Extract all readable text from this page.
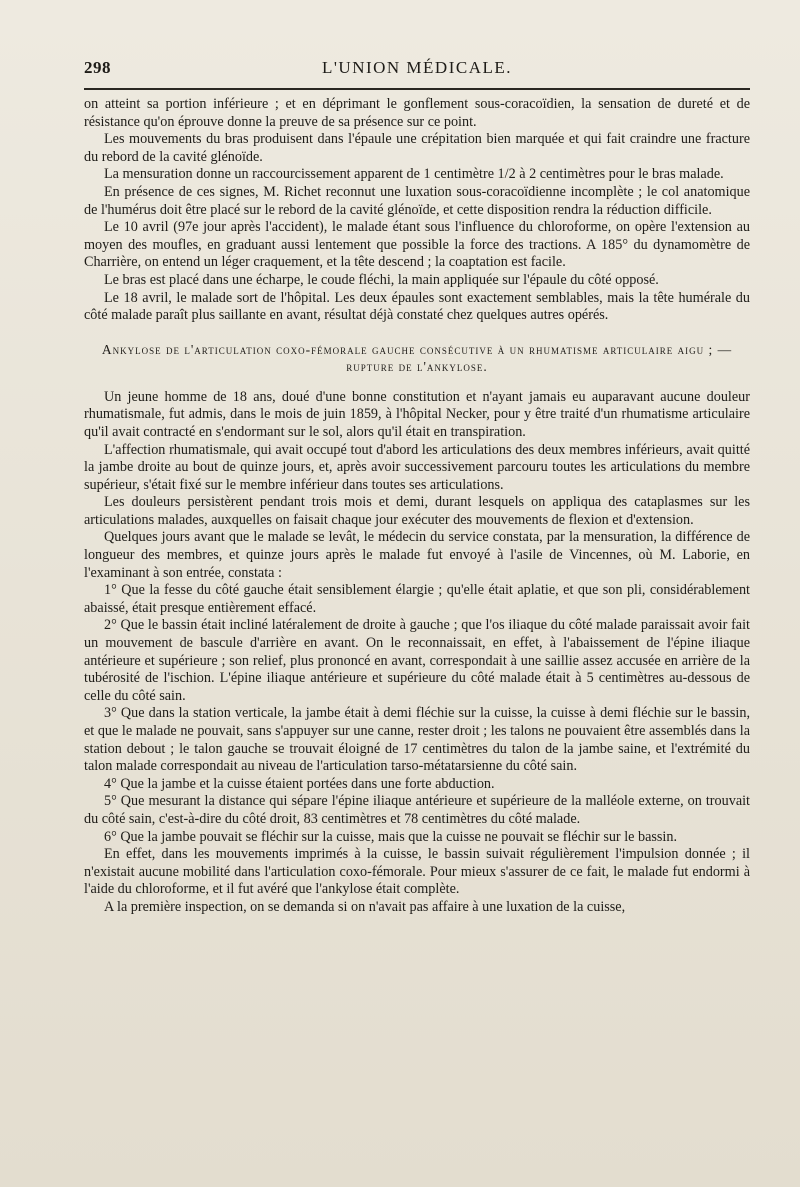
298	L'UNION MÉDICALE.

on atteint sa portion inférieure ; et en déprimant le gonflement sous-coracoïdien, la sensation de dureté et de résistance qu'on éprouve donne la preuve de sa présence sur ce point.

Les mouvements du bras produisent dans l'épaule une crépitation bien marquée et qui fait craindre une fracture du rebord de la cavité glénoïde.

La mensuration donne un raccourcissement apparent de 1 centimètre 1/2 à 2 centimètres pour le bras malade.

En présence de ces signes, M. Richet reconnut une luxation sous-coracoïdienne incomplète ; le col anatomique de l'humérus doit être placé sur le rebord de la cavité glénoïde, et cette disposition rendra la réduction difficile.

Le 10 avril (97e jour après l'accident), le malade étant sous l'influence du chloroforme, on opère l'extension au moyen des moufles, en graduant aussi lentement que possible la force des tractions. A 185° du dynamomètre de Charrière, on entend un léger craquement, et la tête descend ; la coaptation est facile.

Le bras est placé dans une écharpe, le coude fléchi, la main appliquée sur l'épaule du côté opposé.

Le 18 avril, le malade sort de l'hôpital. Les deux épaules sont exactement semblables, mais la tête humérale du côté malade paraît plus saillante en avant, résultat déjà constaté chez quelques autres opérés.

Ankylose de l'articulation coxo-fémorale gauche consécutive à un rhumatisme articulaire aigu ; — rupture de l'ankylose.

Un jeune homme de 18 ans, doué d'une bonne constitution et n'ayant jamais eu auparavant aucune douleur rhumatismale, fut admis, dans le mois de juin 1859, à l'hôpital Necker, pour y être traité d'un rhumatisme articulaire qu'il avait contracté en s'endormant sur le sol, alors qu'il était en transpiration.

L'affection rhumatismale, qui avait occupé tout d'abord les articulations des deux membres inférieurs, avait quitté la jambe droite au bout de quinze jours, et, après avoir successivement parcouru toutes les articulations du membre supérieur, s'était fixé sur le membre inférieur dans toutes ses articulations.

Les douleurs persistèrent pendant trois mois et demi, durant lesquels on appliqua des cataplasmes sur les articulations malades, auxquelles on faisait chaque jour exécuter des mouvements de flexion et d'extension.

Quelques jours avant que le malade se levât, le médecin du service constata, par la mensuration, la différence de longueur des membres, et quinze jours après le malade fut envoyé à l'asile de Vincennes, où M. Laborie, en l'examinant à son entrée, constata :

1° Que la fesse du côté gauche était sensiblement élargie ; qu'elle était aplatie, et que son pli, considérablement abaissé, était presque entièrement effacé.

2° Que le bassin était incliné latéralement de droite à gauche ; que l'os iliaque du côté malade paraissait avoir fait un mouvement de bascule d'arrière en avant. On le reconnaissait, en effet, à l'abaissement de l'épine iliaque antérieure et supérieure ; son relief, plus prononcé en avant, correspondait à une saillie assez accusée en arrière de la tubérosité de l'ischion. L'épine iliaque antérieure et supérieure du côté malade était à 5 centimètres au-dessous de celle du côté sain.

3° Que dans la station verticale, la jambe était à demi fléchie sur la cuisse, la cuisse à demi fléchie sur le bassin, et que le malade ne pouvait, sans s'appuyer sur une canne, rester droit ; les talons ne pouvaient être assemblés dans la station debout ; le talon gauche se trouvait éloigné de 17 centimètres du talon de la jambe saine, et l'extrémité du talon malade correspondait au niveau de l'articulation tarso-métatarsienne du côté sain.

4° Que la jambe et la cuisse étaient portées dans une forte abduction.

5° Que mesurant la distance qui sépare l'épine iliaque antérieure et supérieure de la malléole externe, on trouvait du côté sain, c'est-à-dire du côté droit, 83 centimètres et 78 centimètres du côté malade.

6° Que la jambe pouvait se fléchir sur la cuisse, mais que la cuisse ne pouvait se fléchir sur le bassin.

En effet, dans les mouvements imprimés à la cuisse, le bassin suivait régulièrement l'impulsion donnée ; il n'existait aucune mobilité dans l'articulation coxo-fémorale. Pour mieux s'assurer de ce fait, le malade fut endormi à l'aide du chloroforme, et il fut avéré que l'ankylose était complète.

A la première inspection, on se demanda si on n'avait pas affaire à une luxation de la cuisse,
